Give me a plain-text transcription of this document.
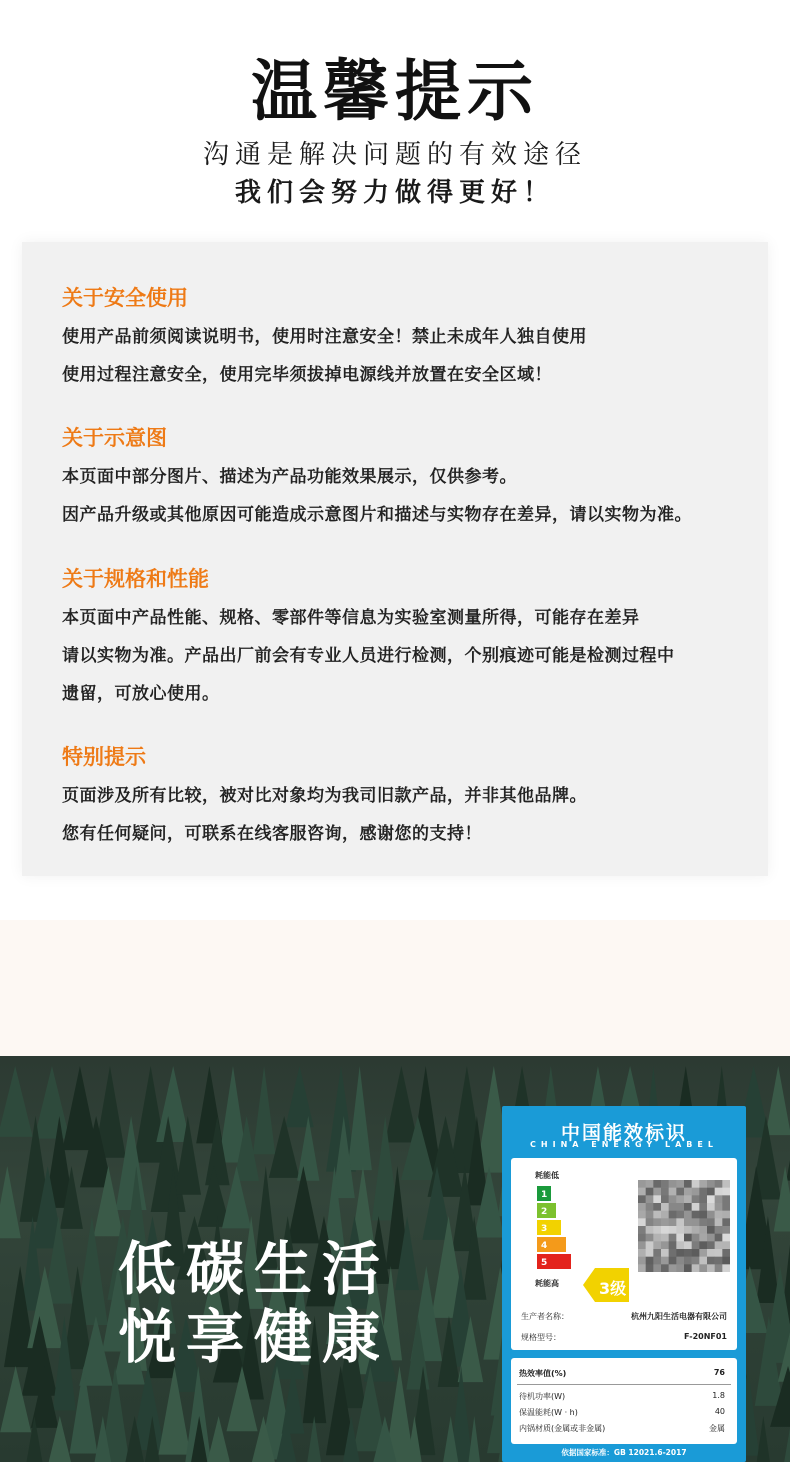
温馨提示
沟通是解决问题的有效途径
我们会努力做得更好！
关于安全使用
使用产品前须阅读说明书，使用时注意安全！禁止未成年人独自使用
使用过程注意安全，使用完毕须拔掉电源线并放置在安全区域！
关于示意图
本页面中部分图片、描述为产品功能效果展示，仅供参考。
因产品升级或其他原因可能造成示意图片和描述与实物存在差异，请以实物为准。
关于规格和性能
本页面中产品性能、规格、零部件等信息为实验室测量所得，可能存在差异
请以实物为准。产品出厂前会有专业人员进行检测，个别痕迹可能是检测过程中
遗留，可放心使用。
特别提示
页面涉及所有比较，被对比对象均为我司旧款产品，并非其他品牌。
您有任何疑问，可联系在线客服咨询，感谢您的支持！
低碳生活
悦享健康
中国能效标识
CHINA ENERGY LABEL
耗能低
1
2
3
4
5
耗能高	3级
生产者名称：	杭州九阳生活电器有限公司
规格型号：	F-20NF01
热效率值(%)	76
待机功率(W)	1.8
保温能耗(W · h)	40
内锅材质(金属或非金属)	金属
依据国家标准：GB 12021.6-2017
